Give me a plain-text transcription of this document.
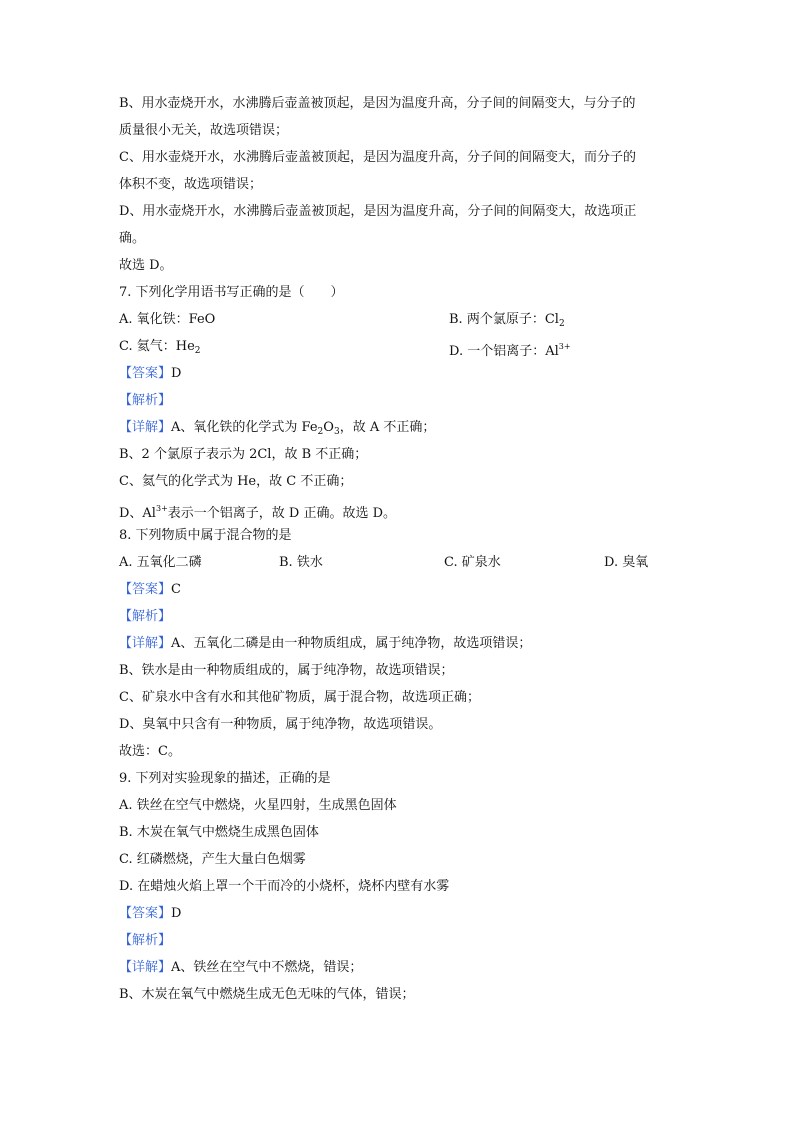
B、用水壶烧开水，水沸腾后壶盖被顶起，是因为温度升高，分子间的间隔变大，与分子的
质量很小无关，故选项错误；
C、用水壶烧开水，水沸腾后壶盖被顶起，是因为温度升高，分子间的间隔变大，而分子的
体积不变，故选项错误；
D、用水壶烧开水，水沸腾后壶盖被顶起，是因为温度升高，分子间的间隔变大，故选项正
确。
故选 D。
7. 下列化学用语书写正确的是（　　）
A. 氧化铁：FeO	B. 两个氯原子：$Cl_2$
C. 氦气：$He_2$	D. 一个铝离子：$Al^{3+}$
【答案】D
【解析】
【详解】A、氧化铁的化学式为 $Fe_2O_3$，故 A 不正确；
B、2 个氯原子表示为 2Cl，故 B 不正确；
C、氦气的化学式为 He，故 C 不正确；
D、$Al^{3+}$表示一个铝离子，故 D 正确。故选 D。
8. 下列物质中属于混合物的是
A. 五氧化二磷	B. 铁水	C. 矿泉水	D. 臭氧
【答案】C
【解析】
【详解】A、五氧化二磷是由一种物质组成，属于纯净物，故选项错误；
B、铁水是由一种物质组成的，属于纯净物，故选项错误；
C、矿泉水中含有水和其他矿物质，属于混合物，故选项正确；
D、臭氧中只含有一种物质，属于纯净物，故选项错误。
故选：C。
9. 下列对实验现象的描述，正确的是
A. 铁丝在空气中燃烧，火星四射，生成黑色固体
B. 木炭在氧气中燃烧生成黑色固体
C. 红磷燃烧，产生大量白色烟雾
D. 在蜡烛火焰上罩一个干而冷的小烧杯，烧杯内壁有水雾
【答案】D
【解析】
【详解】A、铁丝在空气中不燃烧，错误；
B、木炭在氧气中燃烧生成无色无味的气体，错误；
